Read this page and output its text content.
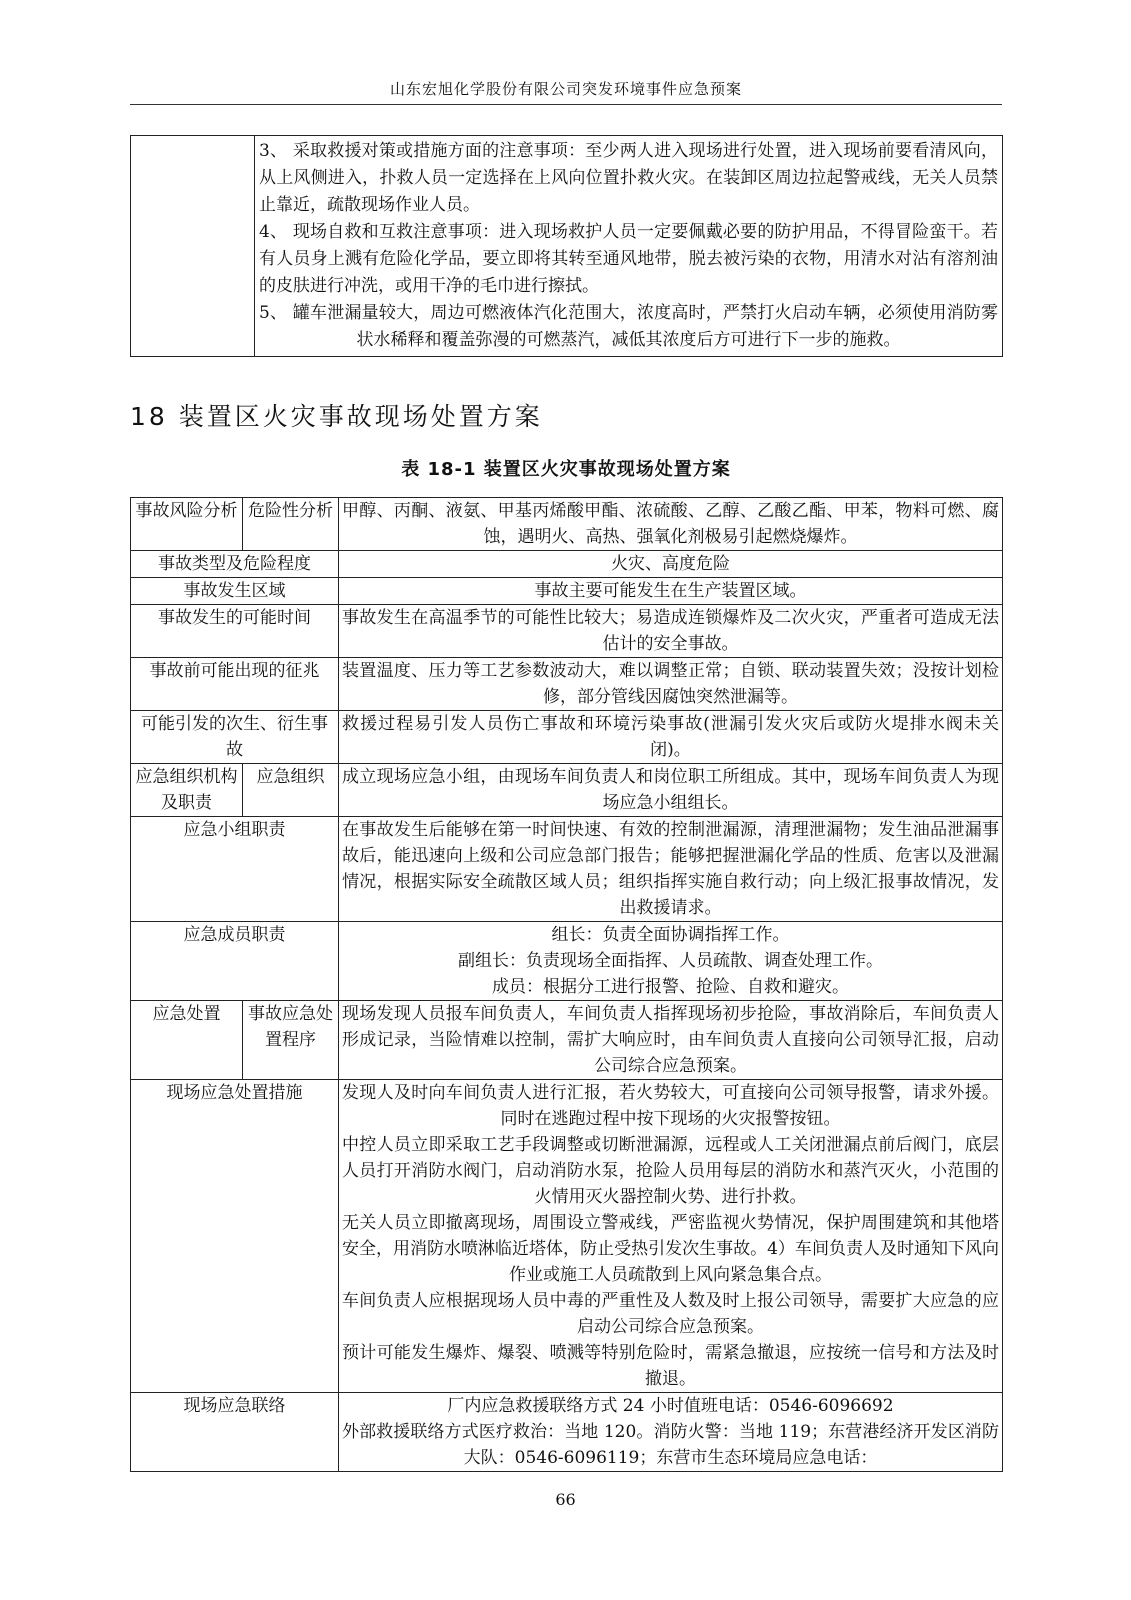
山东宏旭化学股份有限公司突发环境事件应急预案

3、 采取救援对策或措施方面的注意事项：至少两人进入现场进行处置，进入现场前要看清风向，从上风侧进入，扑救人员一定选择在上风向位置扑救火灾。在装卸区周边拉起警戒线，无关人员禁止靠近，疏散现场作业人员。
4、 现场自救和互救注意事项：进入现场救护人员一定要佩戴必要的防护用品，不得冒险蛮干。若有人员身上溅有危险化学品，要立即将其转至通风地带，脱去被污染的衣物，用清水对沾有溶剂油的皮肤进行冲洗，或用干净的毛巾进行擦拭。
5、 罐车泄漏量较大，周边可燃液体汽化范围大，浓度高时，严禁打火启动车辆，必须使用消防雾状水稀释和覆盖弥漫的可燃蒸汽，减低其浓度后方可进行下一步的施救。
18 装置区火灾事故现场处置方案
表 18-1 装置区火灾事故现场处置方案
事故风险分析	危险性分析	甲醇、丙酮、液氨、甲基丙烯酸甲酯、浓硫酸、乙醇、乙酸乙酯、甲苯，物料可燃、腐蚀，遇明火、高热、强氧化剂极易引起燃烧爆炸。
事故类型及危险程度		火灾、高度危险
事故发生区域		事故主要可能发生在生产装置区域。
事故发生的可能时间		事故发生在高温季节的可能性比较大；易造成连锁爆炸及二次火灾，严重者可造成无法估计的安全事故。
事故前可能出现的征兆		装置温度、压力等工艺参数波动大，难以调整正常；自锁、联动装置失效；没按计划检修，部分管线因腐蚀突然泄漏等。
可能引发的次生、衍生事故		救援过程易引发人员伤亡事故和环境污染事故(泄漏引发火灾后或防火堤排水阀未关闭)。
应急组织机构及职责	应急组织	成立现场应急小组，由现场车间负责人和岗位职工所组成。其中，现场车间负责人为现场应急小组组长。
应急小组职责		在事故发生后能够在第一时间快速、有效的控制泄漏源，清理泄漏物；发生油品泄漏事故后，能迅速向上级和公司应急部门报告；能够把握泄漏化学品的性质、危害以及泄漏情况，根据实际安全疏散区域人员；组织指挥实施自救行动；向上级汇报事故情况，发出救援请求。
应急成员职责		组长：负责全面协调指挥工作。
副组长：负责现场全面指挥、人员疏散、调查处理工作。
成员：根据分工进行报警、抢险、自救和避灾。

应急处置	事故应急处置程序	现场发现人员报车间负责人，车间负责人指挥现场初步抢险，事故消除后，车间负责人形成记录，当险情难以控制，需扩大响应时，由车间负责人直接向公司领导汇报，启动公司综合应急预案。
现场应急处置措施		发现人及时向车间负责人进行汇报，若火势较大，可直接向公司领导报警，请求外援。同时在逃跑过程中按下现场的火灾报警按钮。
中控人员立即采取工艺手段调整或切断泄漏源，远程或人工关闭泄漏点前后阀门，底层人员打开消防水阀门，启动消防水泵，抢险人员用每层的消防水和蒸汽灭火，小范围的火情用灭火器控制火势、进行扑救。
无关人员立即撤离现场，周围设立警戒线，严密监视火势情况，保护周围建筑和其他塔安全，用消防水喷淋临近塔体，防止受热引发次生事故。4）车间负责人及时通知下风向作业或施工人员疏散到上风向紧急集合点。
车间负责人应根据现场人员中毒的严重性及人数及时上报公司领导，需要扩大应急的应启动公司综合应急预案。
预计可能发生爆炸、爆裂、喷溅等特别危险时，需紧急撤退，应按统一信号和方法及时撤退。

现场应急联络		厂内应急救援联络方式 24 小时值班电话：0546-6096692
外部救援联络方式医疗救治：当地 120。消防火警：当地 119；东营港经济开发区消防大队：0546-6096119；东营市生态环境局应急电话：
66
